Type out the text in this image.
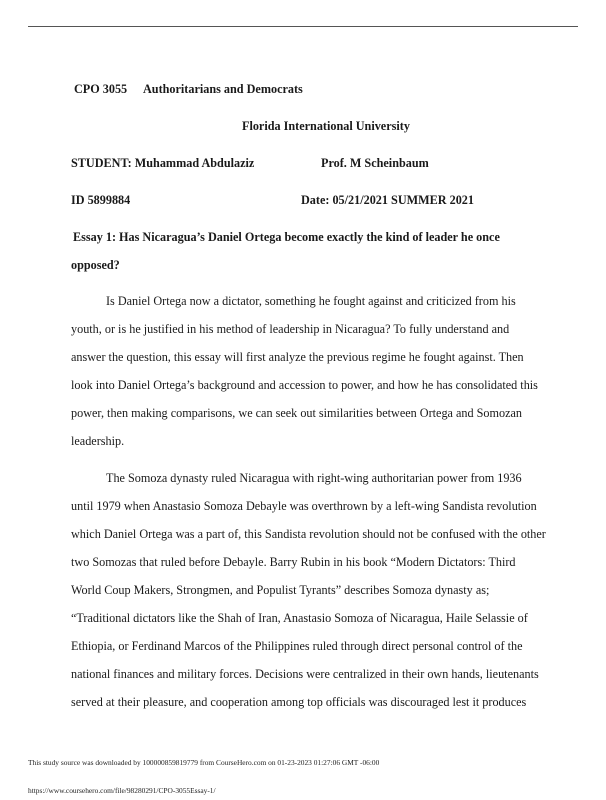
CPO 3055 Authoritarians and Democrats
Florida International University
STUDENT: Muhammad Abdulaziz	Prof. M Scheinbaum
ID 5899884	Date: 05/21/2021 SUMMER 2021
Essay 1: Has Nicaragua’s Daniel Ortega become exactly the kind of leader he once
opposed?
Is Daniel Ortega now a dictator, something he fought against and criticized from his
youth, or is he justified in his method of leadership in Nicaragua? To fully understand and
answer the question, this essay will first analyze the previous regime he fought against. Then
look into Daniel Ortega’s background and accession to power, and how he has consolidated this
power, then making comparisons, we can seek out similarities between Ortega and Somozan
leadership.
The Somoza dynasty ruled Nicaragua with right-wing authoritarian power from 1936
until 1979 when Anastasio Somoza Debayle was overthrown by a left-wing Sandista revolution
which Daniel Ortega was a part of, this Sandista revolution should not be confused with the other
two Somozas that ruled before Debayle. Barry Rubin in his book “Modern Dictators: Third
World Coup Makers, Strongmen, and Populist Tyrants” describes Somoza dynasty as;
“Traditional dictators like the Shah of Iran, Anastasio Somoza of Nicaragua, Haile Selassie of
Ethiopia, or Ferdinand Marcos of the Philippines ruled through direct personal control of the
national finances and military forces. Decisions were centralized in their own hands, lieutenants
served at their pleasure, and cooperation among top officials was discouraged lest it produces
This study source was downloaded by 100000859819779 from CourseHero.com on 01-23-2023 01:27:06 GMT -06:00
https://www.coursehero.com/file/98280291/CPO-3055Essay-1/
